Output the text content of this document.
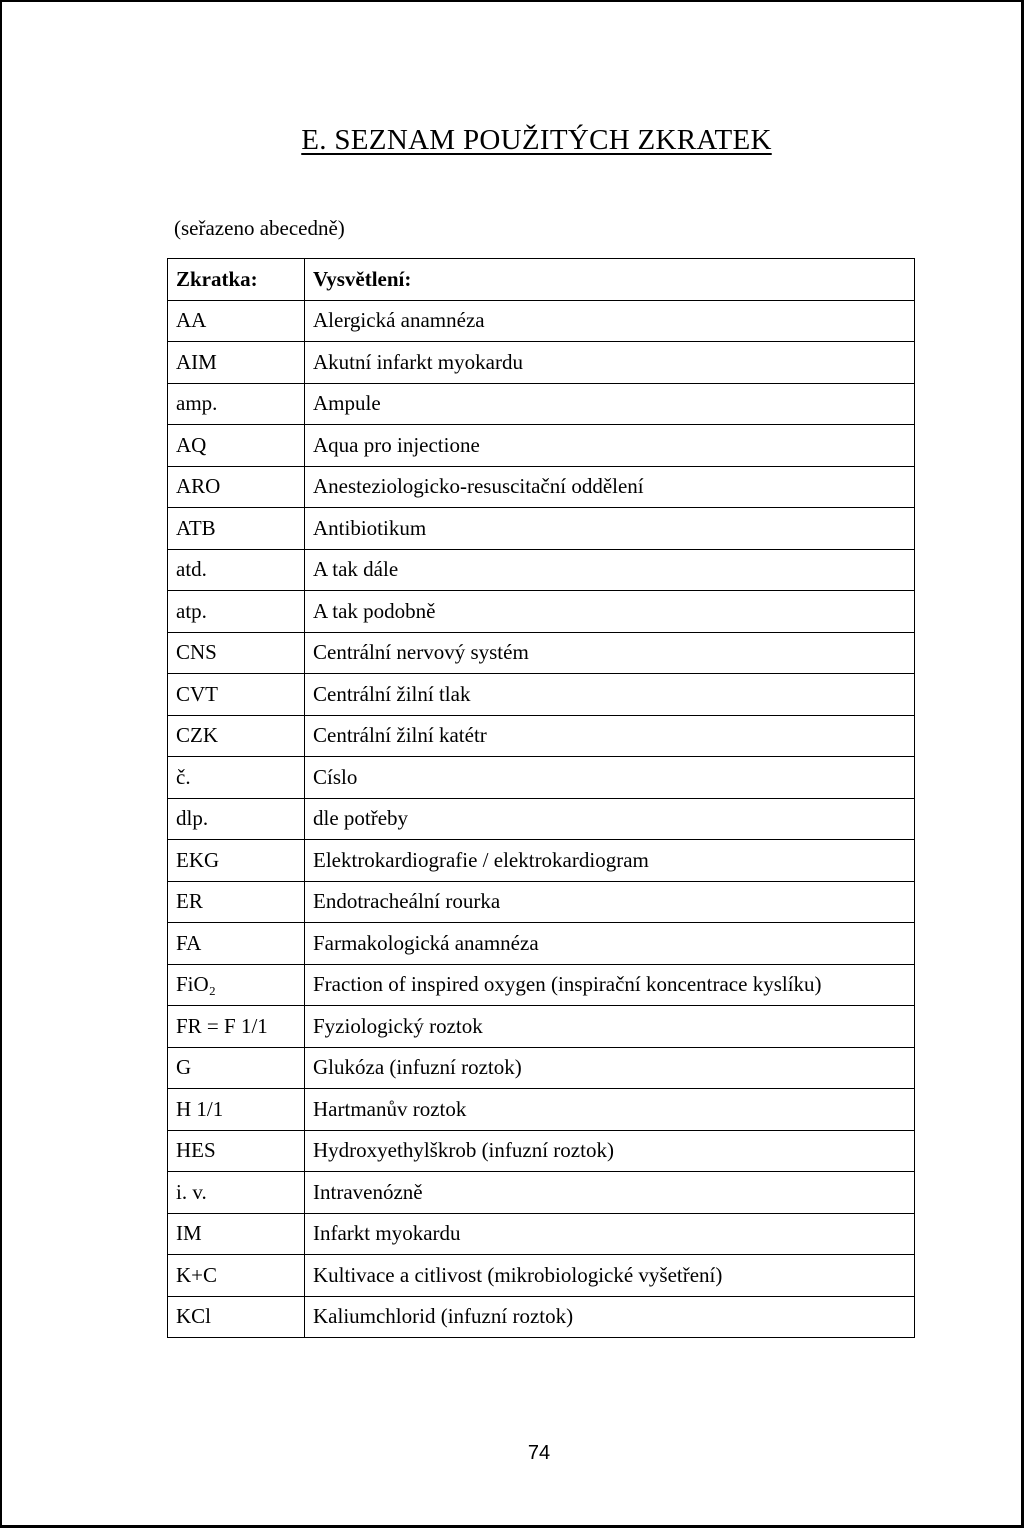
E. SEZNAM POUŽITÝCH ZKRATEK

(seřazeno abecedně)

Zkratka:	Vysvětlení:
AA	Alergická anamnéza
AIM	Akutní infarkt myokardu
amp.	Ampule
AQ	Aqua pro injectione
ARO	Anesteziologicko-resuscitační oddělení
ATB	Antibiotikum
atd.	A tak dále
atp.	A tak podobně
CNS	Centrální nervový systém
CVT	Centrální žilní tlak
CZK	Centrální žilní katétr
č.	Císlo
dlp.	dle potřeby
EKG	Elektrokardiografie / elektrokardiogram
ER	Endotracheální rourka
FA	Farmakologická anamnéza
FiO₂	Fraction of inspired oxygen (inspirační koncentrace kyslíku)
FR = F 1/1	Fyziologický roztok
G	Glukóza (infuzní roztok)
H 1/1	Hartmanův roztok
HES	Hydroxyethylškrob (infuzní roztok)
i. v.	Intravenózně
IM	Infarkt myokardu
K+C	Kultivace a citlivost (mikrobiologické vyšetření)
KCl	Kaliumchlorid (infuzní roztok)

74
